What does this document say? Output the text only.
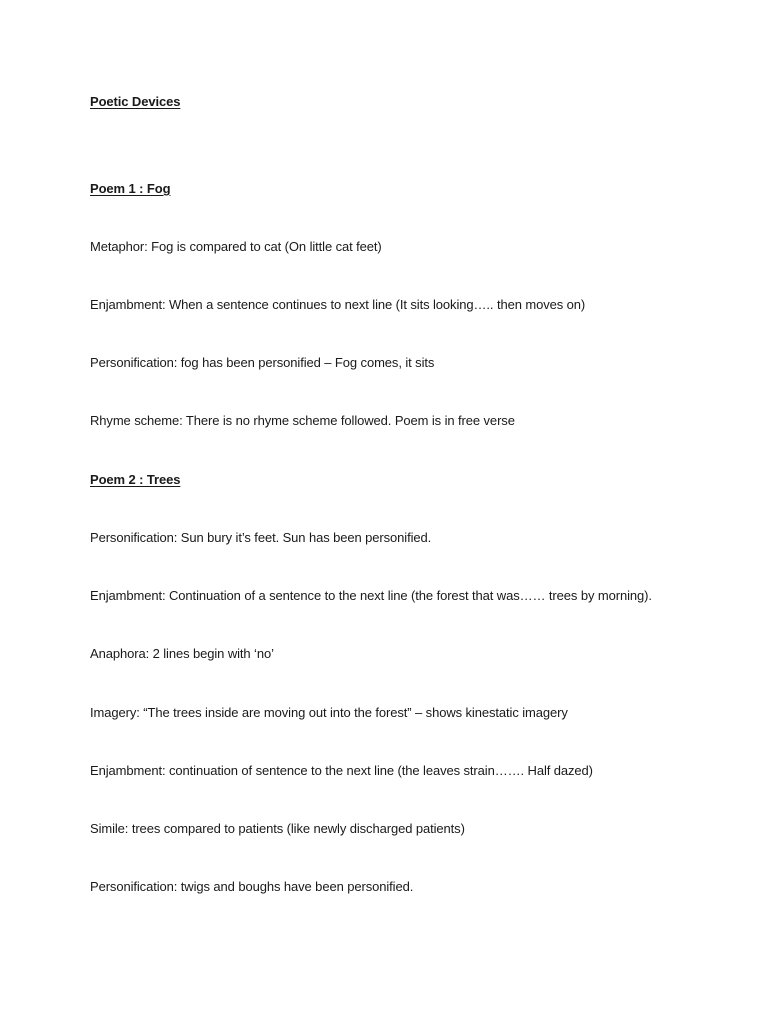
Poetic Devices
Poem 1 : Fog
Metaphor: Fog is compared to cat (On little cat feet)
Enjambment: When a sentence continues to next line (It sits looking….. then moves on)
Personification: fog has been personified – Fog comes, it sits
Rhyme scheme: There is no rhyme scheme followed. Poem is in free verse
Poem 2 : Trees
Personification: Sun bury it’s feet. Sun has been personified.
Enjambment: Continuation of a sentence to the next line (the forest that was…… trees by morning).
Anaphora: 2 lines begin with ‘no’
Imagery: “The trees inside are moving out into the forest” – shows kinestatic imagery
Enjambment: continuation of sentence to the next line (the leaves strain……. Half dazed)
Simile: trees compared to patients (like newly discharged patients)
Personification: twigs and boughs have been personified.
